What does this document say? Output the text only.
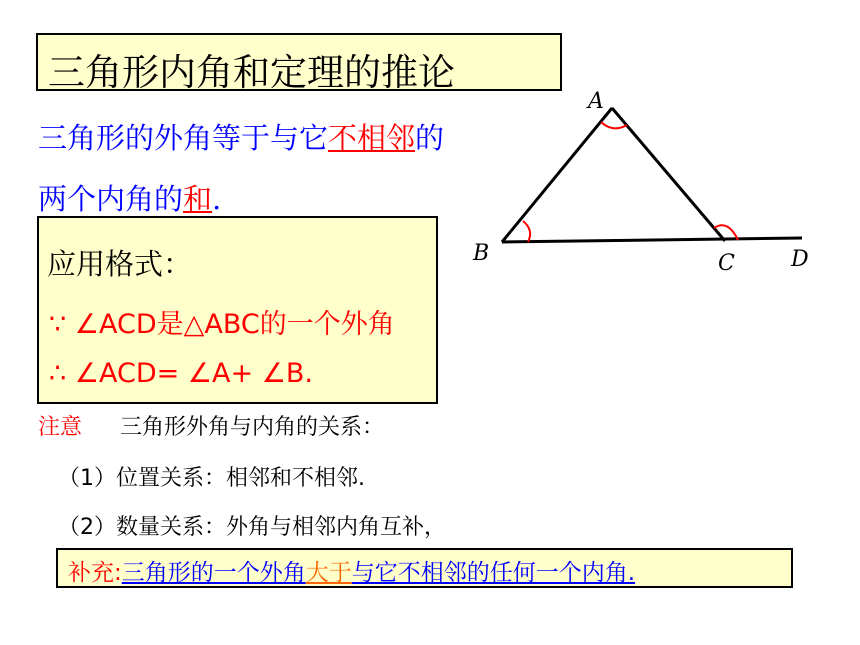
三角形内角和定理的推论
三角形的外角等于与它不相邻的
两个内角的和.
应用格式：
∵ ∠ACD是△ABC的一个外角
∴ ∠ACD= ∠A+ ∠B.
注意 三角形外角与内角的关系：
（1）位置关系：相邻和不相邻.
（2）数量关系：外角与相邻内角互补，
补充:三角形的一个外角大于与它不相邻的任何一个内角.
A
B	C	D
